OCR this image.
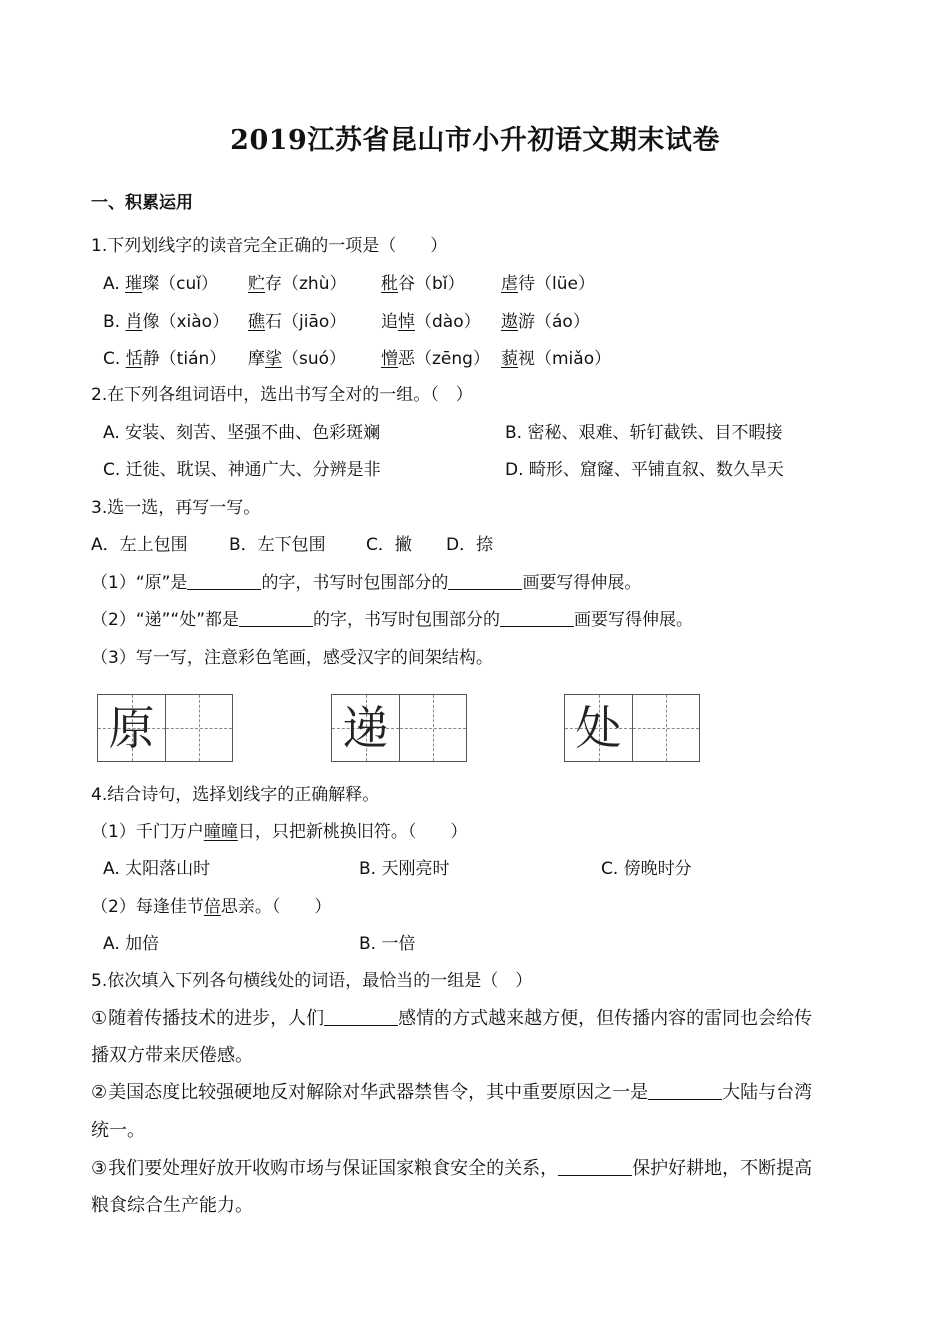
2019江苏省昆山市小升初语文期末试卷
一、积累运用
1.下列划线字的读音完全正确的一项是（　　）
A. 璀璨（cuǐ） 贮存（zhù） 秕谷（bǐ） 虐待（lüe）
B. 肖像（xiào） 礁石（jiāo） 追悼（dào） 遨游（áo）
C. 恬静（tián） 摩挲（suó） 憎恶（zēng） 藐视（miǎo）
2.在下列各组词语中，选出书写全对的一组。（　）
A. 安装、刻苦、坚强不曲、色彩斑斓	B. 密秘、艰难、斩钉截铁、目不暇接
C. 迁徙、耽误、神通广大、分辨是非	D. 畸形、窟窿、平铺直叙、数久旱天
3.选一选，再写一写。
A．左上包围 B．左下包围 C．撇 D．捺
（1）“原”是	的字，书写时包围部分的	画要写得伸展。
（2）“递”“处”都是	的字，书写时包围部分的	画要写得伸展。
（3）写一写，注意彩色笔画，感受汉字的间架结构。
原	递	处
4.结合诗句，选择划线字的正确解释。
（1）千门万户曈曈日，只把新桃换旧符。（　　）
A. 太阳落山时	B. 天刚亮时	C. 傍晚时分
（2）每逢佳节倍思亲。（　　）
A. 加倍	B. 一倍
5.依次填入下列各句横线处的词语，最恰当的一组是（　）
①随着传播技术的进步，人们	感情的方式越来越方便，但传播内容的雷同也会给传
播双方带来厌倦感。
②美国态度比较强硬地反对解除对华武器禁售令，其中重要原因之一是	大陆与台湾
统一。
③我们要处理好放开收购市场与保证国家粮食安全的关系，	保护好耕地，不断提高
粮食综合生产能力。
